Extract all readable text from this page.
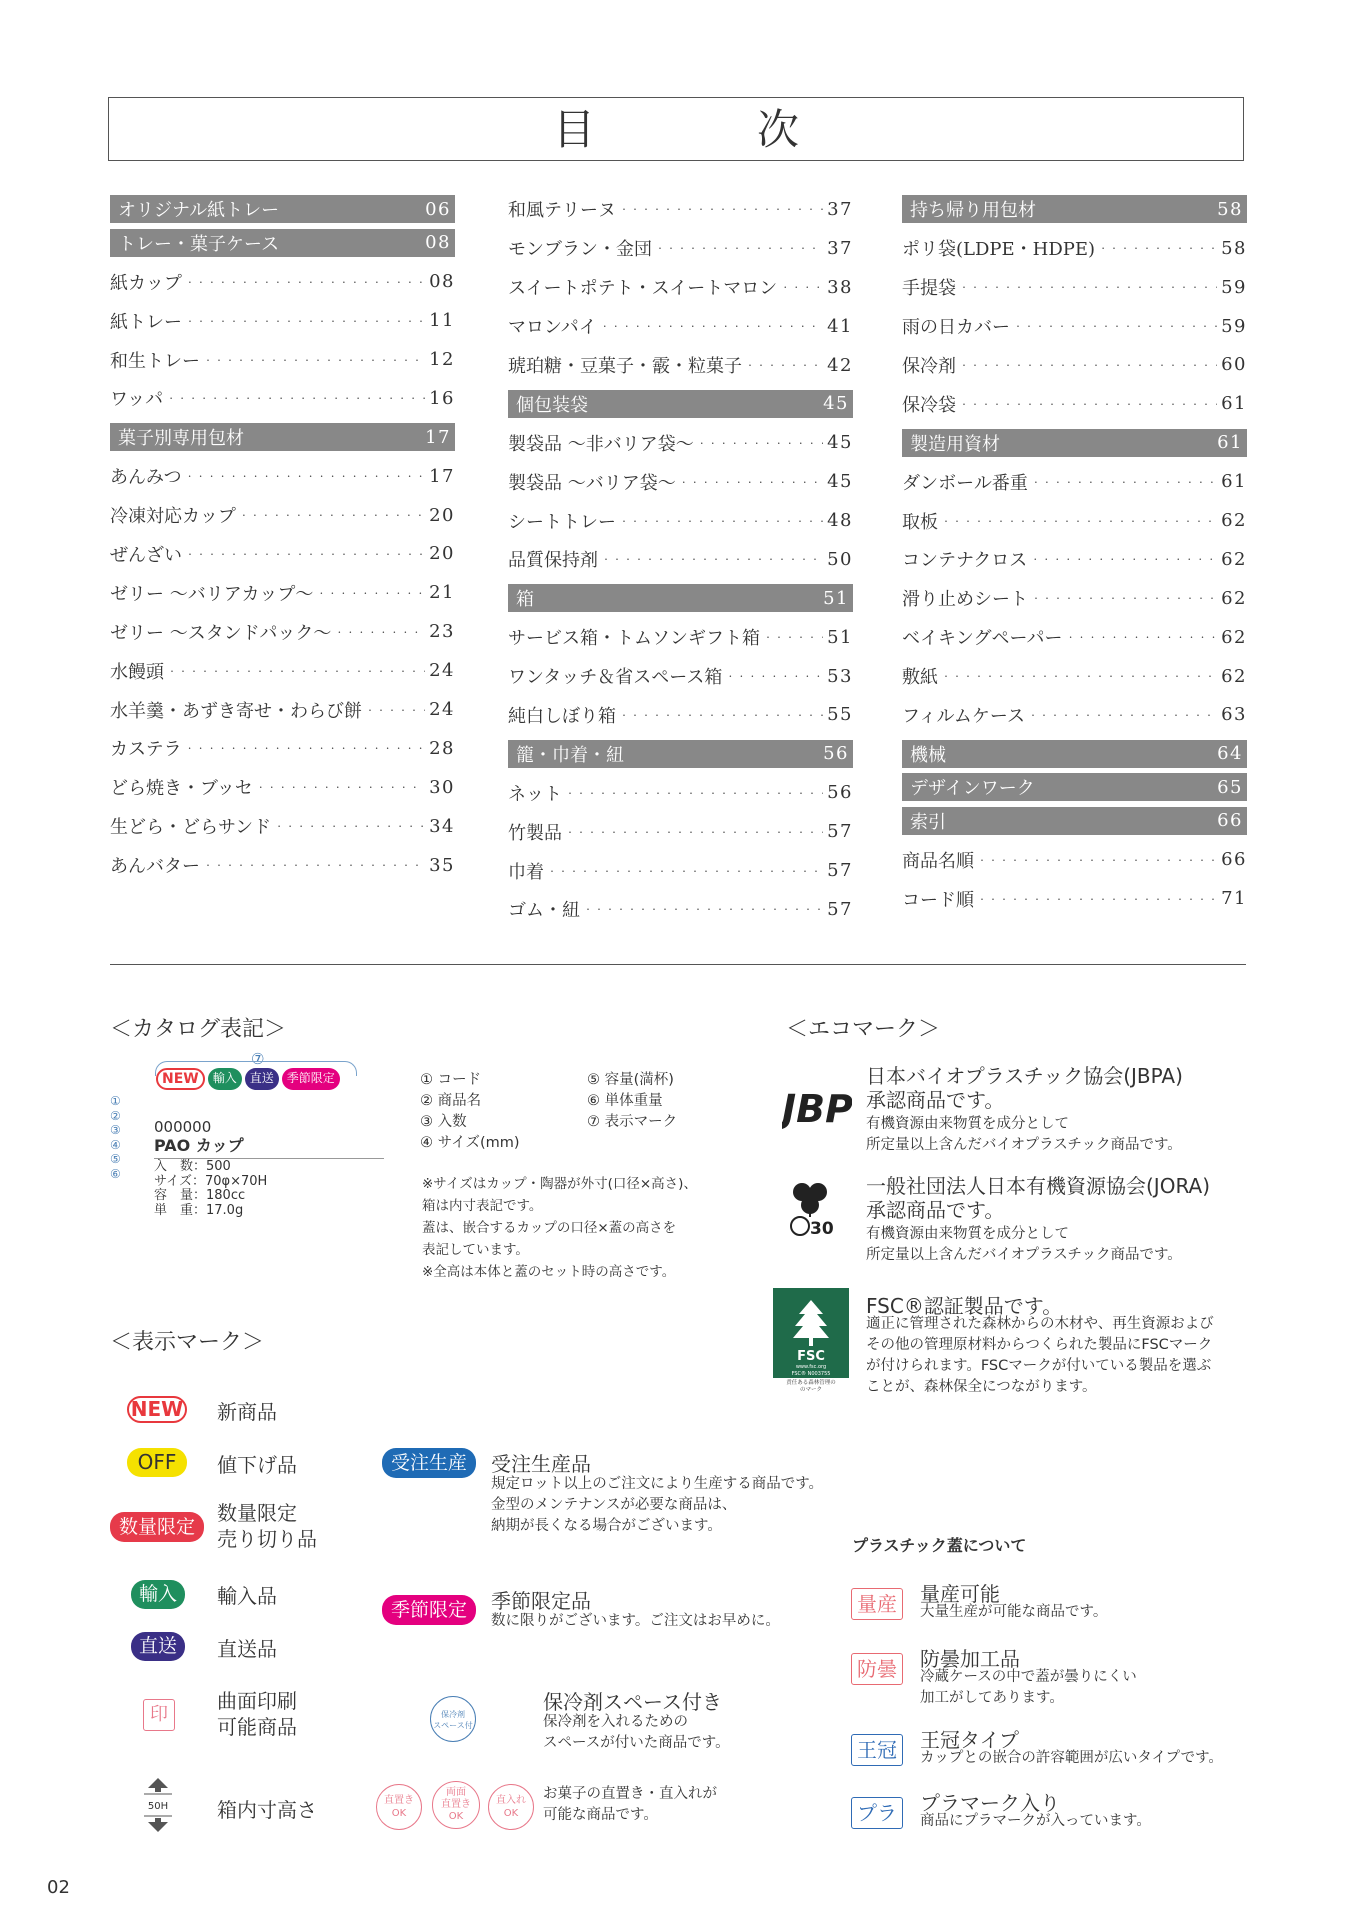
目　次
オリジナル紙トレー	06
トレー・菓子ケース	08
紙カップ ・・・・・・・・・・・・・・・・・・・・・・・・・・・・・・・・・・・・・・・・・・	08
紙トレー ・・・・・・・・・・・・・・・・・・・・・・・・・・・・・・・・・・・・・・・・・・	11
和生トレー ・・・・・・・・・・・・・・・・・・・・・・・・・・・・・・・・・・・・・・・・・・	12
ワッパ ・・・・・・・・・・・・・・・・・・・・・・・・・・・・・・・・・・・・・・・・・・	16
菓子別専用包材	17
あんみつ ・・・・・・・・・・・・・・・・・・・・・・・・・・・・・・・・・・・・・・・・・・	17
冷凍対応カップ ・・・・・・・・・・・・・・・・・・・・・・・・・・・・・・・・・・・・・・・・・・	20
ぜんざい ・・・・・・・・・・・・・・・・・・・・・・・・・・・・・・・・・・・・・・・・・・	20
ゼリー ～バリアカップ～ ・・・・・・・・・・・・・・・・・・・・・・・・・・・・・・・・・・・・・・・・・・	21
ゼリー ～スタンドパック～ ・・・・・・・・・・・・・・・・・・・・・・・・・・・・・・・・・・・・・・・・・・	23
水饅頭 ・・・・・・・・・・・・・・・・・・・・・・・・・・・・・・・・・・・・・・・・・・	24
水羊羹・あずき寄せ・わらび餅 ・・・・・・・・・・・・・・・・・・・・・・・・・・・・・・・・・・・・・・・・・・	24
カステラ ・・・・・・・・・・・・・・・・・・・・・・・・・・・・・・・・・・・・・・・・・・	28
どら焼き・ブッセ ・・・・・・・・・・・・・・・・・・・・・・・・・・・・・・・・・・・・・・・・・・	30
生どら・どらサンド ・・・・・・・・・・・・・・・・・・・・・・・・・・・・・・・・・・・・・・・・・・	34
あんバター ・・・・・・・・・・・・・・・・・・・・・・・・・・・・・・・・・・・・・・・・・・	35
和風テリーヌ ・・・・・・・・・・・・・・・・・・・・・・・・・・・・・・・・・・・・・・・・・・	37
モンブラン・金団 ・・・・・・・・・・・・・・・・・・・・・・・・・・・・・・・・・・・・・・・・・・	37
スイートポテト・スイートマロン ・・・・・・・・・・・・・・・・・・・・・・・・・・・・・・・・・・・・・・・・・・	38
マロンパイ ・・・・・・・・・・・・・・・・・・・・・・・・・・・・・・・・・・・・・・・・・・	41
琥珀糖・豆菓子・霰・粒菓子 ・・・・・・・・・・・・・・・・・・・・・・・・・・・・・・・・・・・・・・・・・・	42
個包装袋	45
製袋品 ～非バリア袋～ ・・・・・・・・・・・・・・・・・・・・・・・・・・・・・・・・・・・・・・・・・・	45
製袋品 ～バリア袋～ ・・・・・・・・・・・・・・・・・・・・・・・・・・・・・・・・・・・・・・・・・・	45
シートトレー ・・・・・・・・・・・・・・・・・・・・・・・・・・・・・・・・・・・・・・・・・・	48
品質保持剤 ・・・・・・・・・・・・・・・・・・・・・・・・・・・・・・・・・・・・・・・・・・	50
箱	51
サービス箱・トムソンギフト箱 ・・・・・・・・・・・・・・・・・・・・・・・・・・・・・・・・・・・・・・・・・・	51
ワンタッチ＆省スペース箱 ・・・・・・・・・・・・・・・・・・・・・・・・・・・・・・・・・・・・・・・・・・	53
純白しぼり箱 ・・・・・・・・・・・・・・・・・・・・・・・・・・・・・・・・・・・・・・・・・・	55
籠・巾着・紐	56
ネット ・・・・・・・・・・・・・・・・・・・・・・・・・・・・・・・・・・・・・・・・・・	56
竹製品 ・・・・・・・・・・・・・・・・・・・・・・・・・・・・・・・・・・・・・・・・・・	57
巾着 ・・・・・・・・・・・・・・・・・・・・・・・・・・・・・・・・・・・・・・・・・・	57
ゴム・紐 ・・・・・・・・・・・・・・・・・・・・・・・・・・・・・・・・・・・・・・・・・・	57
持ち帰り用包材	58
ポリ袋(LDPE・HDPE) ・・・・・・・・・・・・・・・・・・・・・・・・・・・・・・・・・・・・・・・・・・	58
手提袋 ・・・・・・・・・・・・・・・・・・・・・・・・・・・・・・・・・・・・・・・・・・	59
雨の日カバー ・・・・・・・・・・・・・・・・・・・・・・・・・・・・・・・・・・・・・・・・・・	59
保冷剤 ・・・・・・・・・・・・・・・・・・・・・・・・・・・・・・・・・・・・・・・・・・	60
保冷袋 ・・・・・・・・・・・・・・・・・・・・・・・・・・・・・・・・・・・・・・・・・・	61
製造用資材	61
ダンボール番重 ・・・・・・・・・・・・・・・・・・・・・・・・・・・・・・・・・・・・・・・・・・	61
取板 ・・・・・・・・・・・・・・・・・・・・・・・・・・・・・・・・・・・・・・・・・・	62
コンテナクロス ・・・・・・・・・・・・・・・・・・・・・・・・・・・・・・・・・・・・・・・・・・	62
滑り止めシート ・・・・・・・・・・・・・・・・・・・・・・・・・・・・・・・・・・・・・・・・・・	62
ベイキングペーパー ・・・・・・・・・・・・・・・・・・・・・・・・・・・・・・・・・・・・・・・・・・	62
敷紙 ・・・・・・・・・・・・・・・・・・・・・・・・・・・・・・・・・・・・・・・・・・	62
フィルムケース ・・・・・・・・・・・・・・・・・・・・・・・・・・・・・・・・・・・・・・・・・・	63
機械	64
デザインワーク	65
索引	66
商品名順 ・・・・・・・・・・・・・・・・・・・・・・・・・・・・・・・・・・・・・・・・・・	66
コード順 ・・・・・・・・・・・・・・・・・・・・・・・・・・・・・・・・・・・・・・・・・・	71
＜カタログ表記＞
⑦
NEW	輸入	直送	季節限定
①
②
③
④
⑤
⑥
000000
PAO カップ
入　数：500
サイズ：70φ×70H
容　量：180cc
単　重：17.0g
① コード
② 商品名
③ 入数
④ サイズ(mm)
⑤ 容量(満杯)
⑥ 単体重量
⑦ 表示マーク
※サイズはカップ・陶器が外寸(口径×高さ)、
箱は内寸表記です。
蓋は、嵌合するカップの口径×蓋の高さを
表記しています。
※全高は本体と蓋のセット時の高さです。
＜エコマーク＞
JBP
日本バイオプラスチック協会(JBPA)
承認商品です。
有機資源由来物質を成分として
所定量以上含んだバイオプラスチック商品です。
30
一般社団法人日本有機資源協会(JORA)
承認商品です。
有機資源由来物質を成分として
所定量以上含んだバイオプラスチック商品です。
FSC
www.fsc.org
FSC® N003755
責任ある森林管理の
のマーク
FSC®認証製品です。
適正に管理された森林からの木材や、再生資源および
その他の管理原材料からつくられた製品にFSCマーク
が付けられます。FSCマークが付いている製品を選ぶ
ことが、森林保全につながります。
＜表示マーク＞
NEW 新商品
OFF	値下げ品
数量限定
数量限定
売り切り品
輸入	輸入品
直送	直送品
印
曲面印刷
可能商品
50H 箱内寸高さ
受注生産	受注生産品
規定ロット以上のご注文により生産する商品です。
金型のメンテナンスが必要な商品は、
納期が長くなる場合がございます。
季節限定	季節限定品
数に限りがございます。ご注文はお早めに。
保冷剤
スペース付
保冷剤スペース付き
保冷剤を入れるための
スペースが付いた商品です。
直置き
OK
両面
直置き
OK
直入れ
OK
お菓子の直置き・直入れが
可能な商品です。
プラスチック蓋について
量産	量産可能
大量生産が可能な商品です。
防曇	防曇加工品
冷蔵ケースの中で蓋が曇りにくい
加工がしてあります。
王冠	王冠タイプ
カップとの嵌合の許容範囲が広いタイプです。
プラ	プラマーク入り
商品にプラマークが入っています。
02
